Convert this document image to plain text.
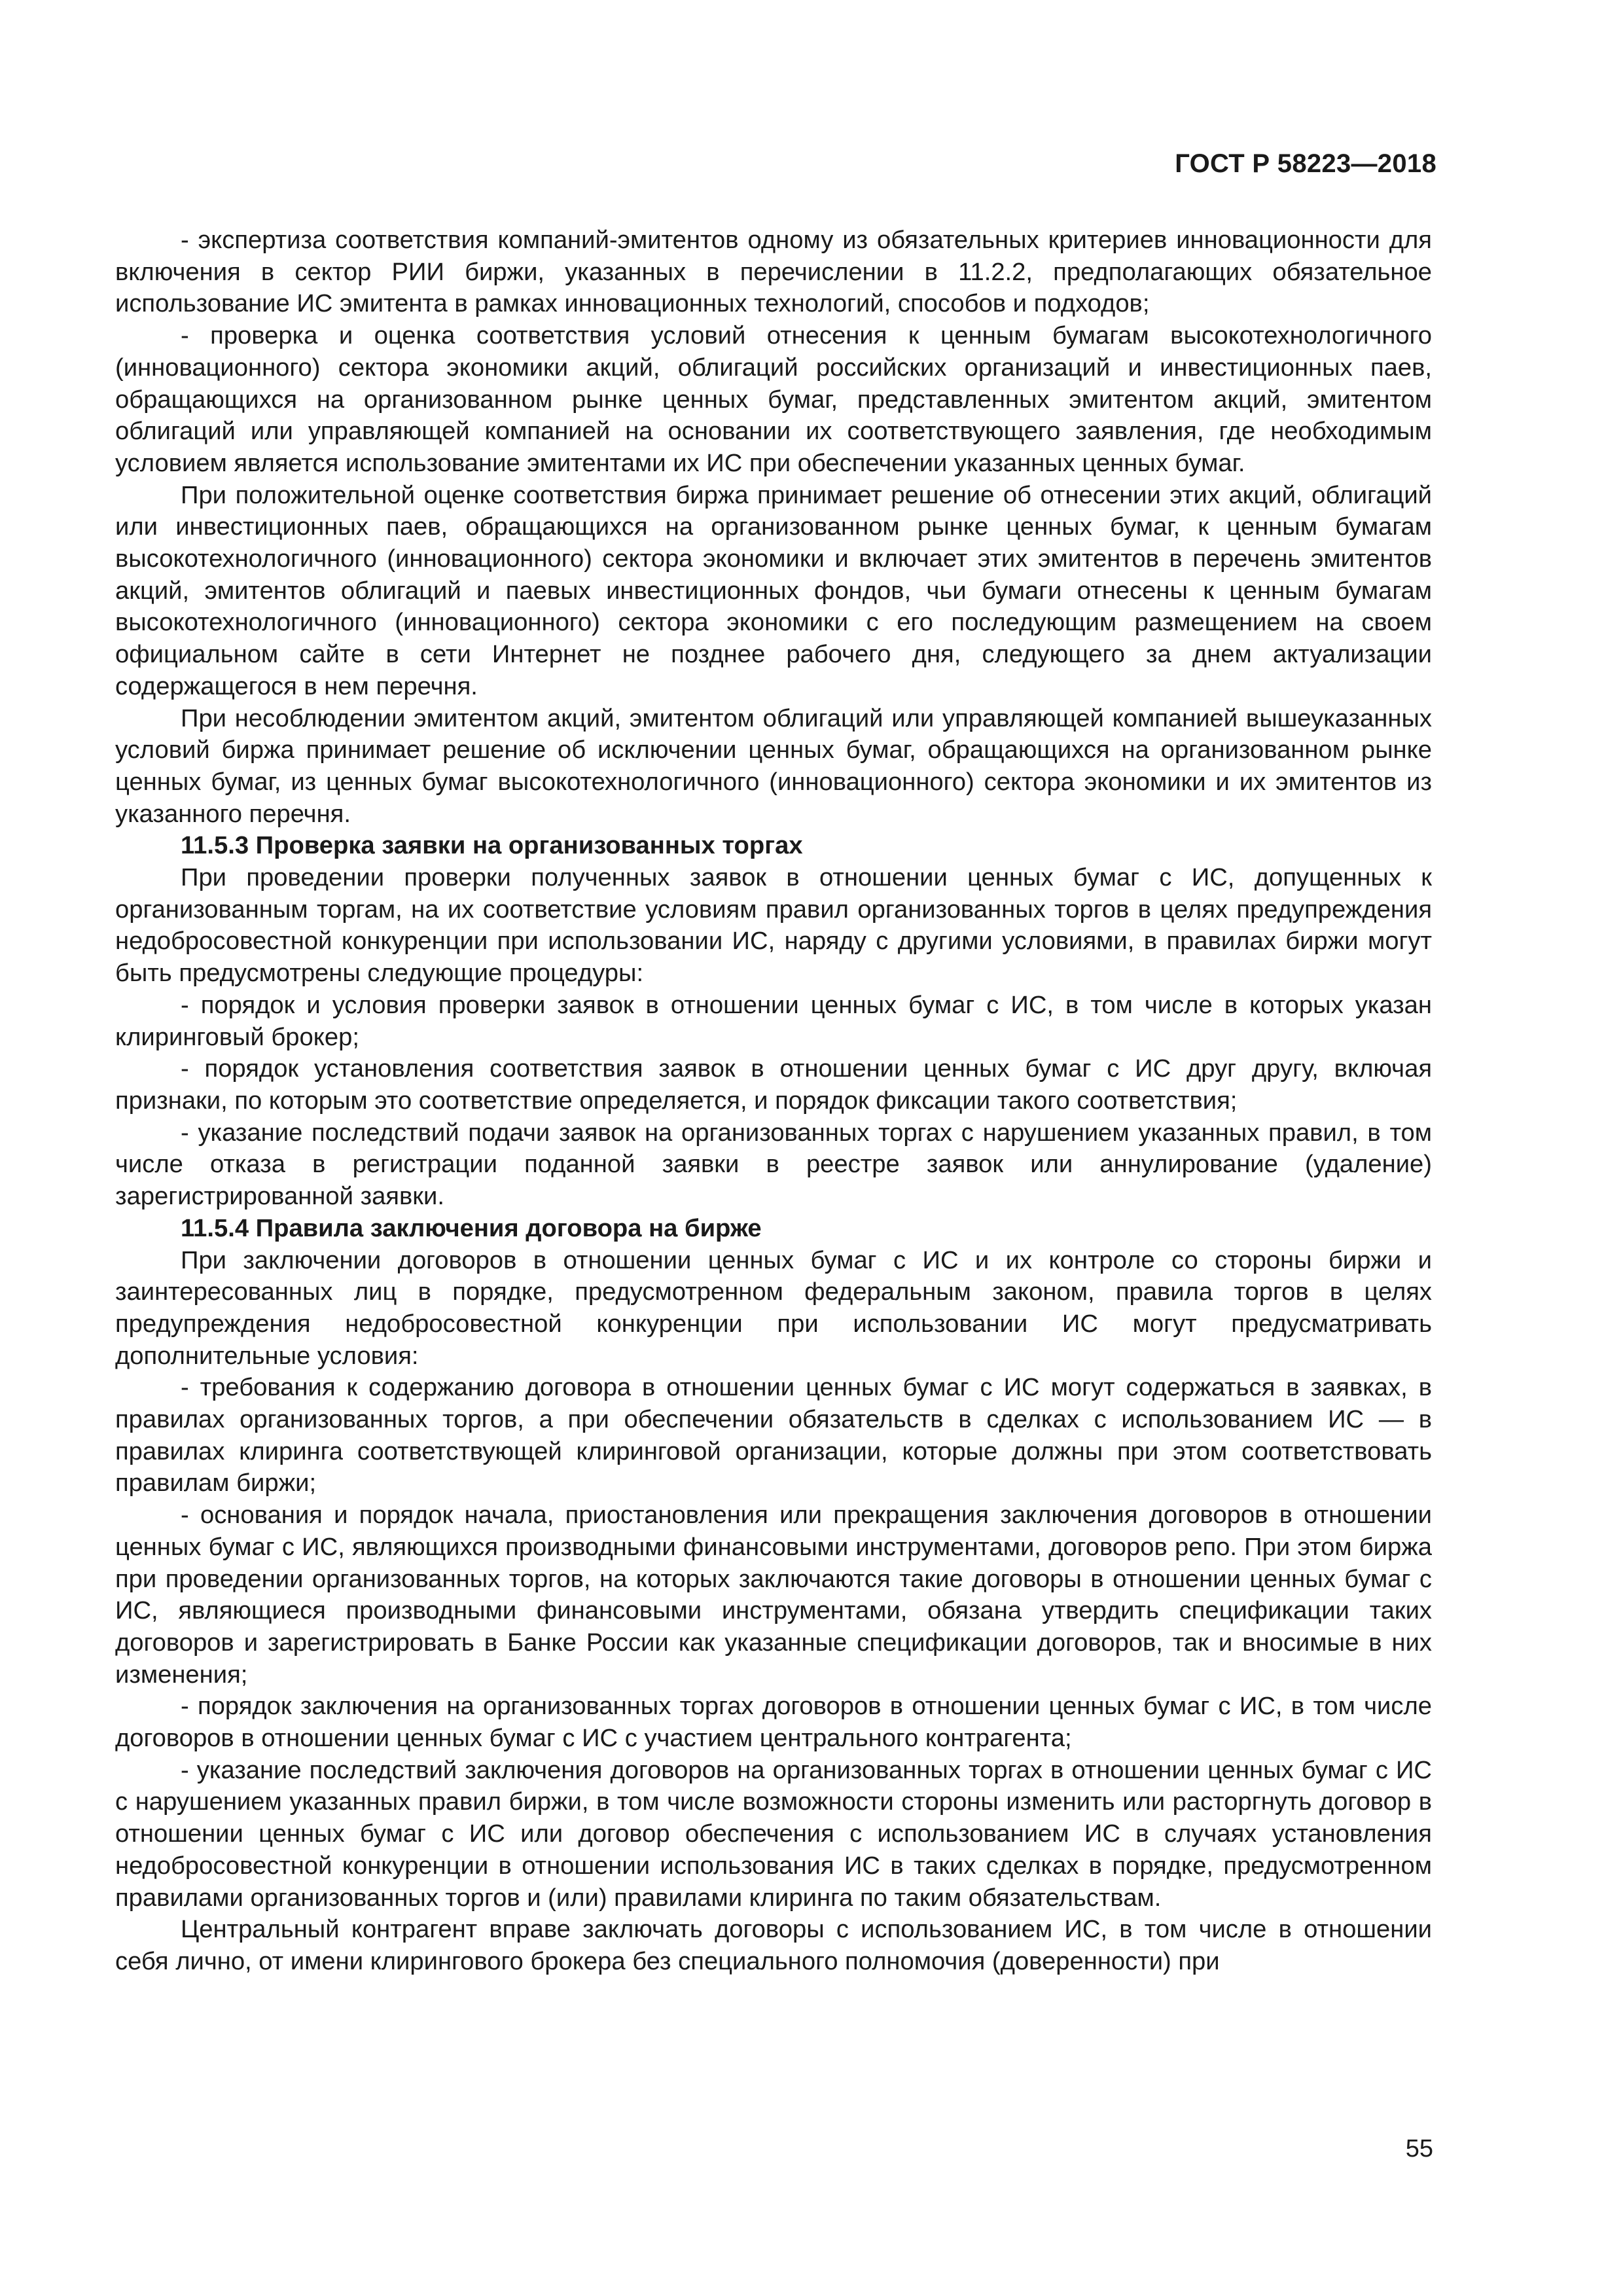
ГОСТ Р 58223—2018

- экспертиза соответствия компаний-эмитентов одному из обязательных критериев инновационности для включения в сектор РИИ биржи, указанных в перечислении в 11.2.2, предполагающих обязательное использование ИС эмитента в рамках инновационных технологий, способов и подходов;

- проверка и оценка соответствия условий отнесения к ценным бумагам высокотехнологичного (инновационного) сектора экономики акций, облигаций российских организаций и инвестиционных паев, обращающихся на организованном рынке ценных бумаг, представленных эмитентом акций, эмитентом облигаций или управляющей компанией на основании их соответствующего заявления, где необходимым условием является использование эмитентами их ИС при обеспечении указанных ценных бумаг.

При положительной оценке соответствия биржа принимает решение об отнесении этих акций, облигаций или инвестиционных паев, обращающихся на организованном рынке ценных бумаг, к ценным бумагам высокотехнологичного (инновационного) сектора экономики и включает этих эмитентов в перечень эмитентов акций, эмитентов облигаций и паевых инвестиционных фондов, чьи бумаги отнесены к ценным бумагам высокотехнологичного (инновационного) сектора экономики с его последующим размещением на своем официальном сайте в сети Интернет не позднее рабочего дня, следующего за днем актуализации содержащегося в нем перечня.

При несоблюдении эмитентом акций, эмитентом облигаций или управляющей компанией вышеуказанных условий биржа принимает решение об исключении ценных бумаг, обращающихся на организованном рынке ценных бумаг, из ценных бумаг высокотехнологичного (инновационного) сектора экономики и их эмитентов из указанного перечня.

11.5.3 Проверка заявки на организованных торгах

При проведении проверки полученных заявок в отношении ценных бумаг с ИС, допущенных к организованным торгам, на их соответствие условиям правил организованных торгов в целях предупреждения недобросовестной конкуренции при использовании ИС, наряду с другими условиями, в правилах биржи могут быть предусмотрены следующие процедуры:

- порядок и условия проверки заявок в отношении ценных бумаг с ИС, в том числе в которых указан клиринговый брокер;

- порядок установления соответствия заявок в отношении ценных бумаг с ИС друг другу, включая признаки, по которым это соответствие определяется, и порядок фиксации такого соответствия;

- указание последствий подачи заявок на организованных торгах с нарушением указанных правил, в том числе отказа в регистрации поданной заявки в реестре заявок или аннулирование (удаление) зарегистрированной заявки.

11.5.4 Правила заключения договора на бирже

При заключении договоров в отношении ценных бумаг с ИС и их контроле со стороны биржи и заинтересованных лиц в порядке, предусмотренном федеральным законом, правила торгов в целях предупреждения недобросовестной конкуренции при использовании ИС могут предусматривать дополнительные условия:

- требования к содержанию договора в отношении ценных бумаг с ИС могут содержаться в заявках, в правилах организованных торгов, а при обеспечении обязательств в сделках с использованием ИС — в правилах клиринга соответствующей клиринговой организации, которые должны при этом соответствовать правилам биржи;

- основания и порядок начала, приостановления или прекращения заключения договоров в отношении ценных бумаг с ИС, являющихся производными финансовыми инструментами, договоров репо. При этом биржа при проведении организованных торгов, на которых заключаются такие договоры в отношении ценных бумаг с ИС, являющиеся производными финансовыми инструментами, обязана утвердить спецификации таких договоров и зарегистрировать в Банке России как указанные спецификации договоров, так и вносимые в них изменения;

- порядок заключения на организованных торгах договоров в отношении ценных бумаг с ИС, в том числе договоров в отношении ценных бумаг с ИС с участием центрального контрагента;

- указание последствий заключения договоров на организованных торгах в отношении ценных бумаг с ИС с нарушением указанных правил биржи, в том числе возможности стороны изменить или расторгнуть договор в отношении ценных бумаг с ИС или договор обеспечения с использованием ИС в случаях установления недобросовестной конкуренции в отношении использования ИС в таких сделках в порядке, предусмотренном правилами организованных торгов и (или) правилами клиринга по таким обязательствам.

Центральный контрагент вправе заключать договоры с использованием ИС, в том числе в отношении себя лично, от имени клирингового брокера без специального полномочия (доверенности) при

55
